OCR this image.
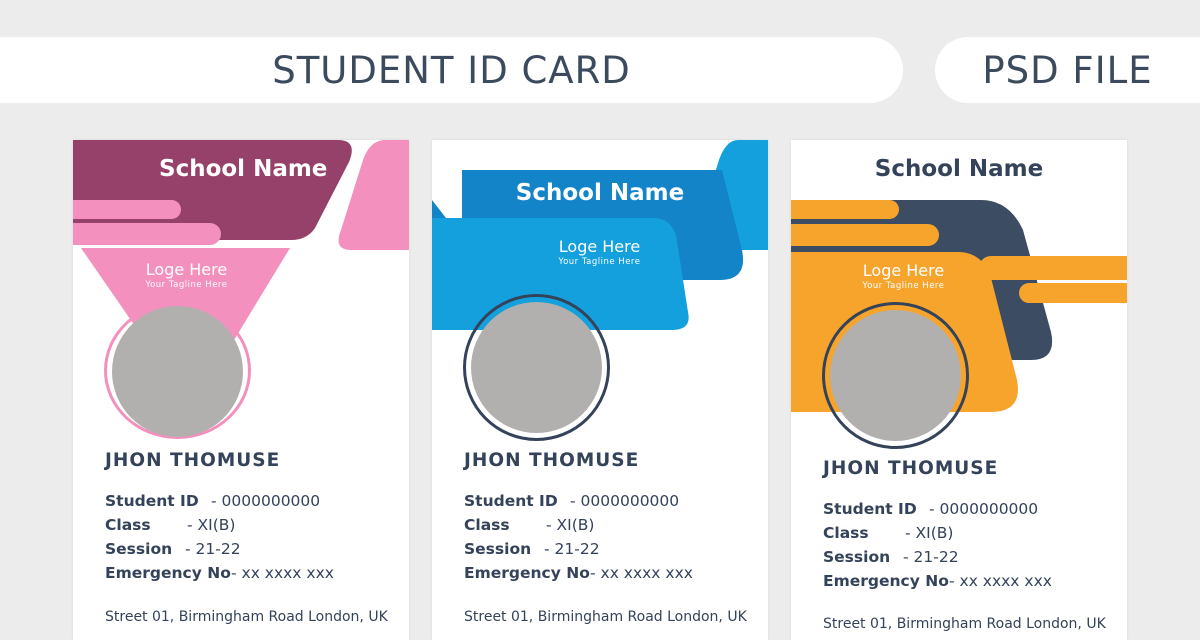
STUDENT ID CARD	PSD FILE
School Name
Loge Here
Your Tagline Here
JHON THOMUSE
Student ID - 0000000000
Class - XI(B)
Session - 21-22
Emergency No - xx xxxx xxx
Street 01, Birmingham Road London, UK
School Name
Loge Here
Your Tagline Here
JHON THOMUSE
Student ID - 0000000000
Class - XI(B)
Session - 21-22
Emergency No - xx xxxx xxx
Street 01, Birmingham Road London, UK
School Name
Loge Here
Your Tagline Here
JHON THOMUSE
Student ID - 0000000000
Class - XI(B)
Session - 21-22
Emergency No - xx xxxx xxx
Street 01, Birmingham Road London, UK
